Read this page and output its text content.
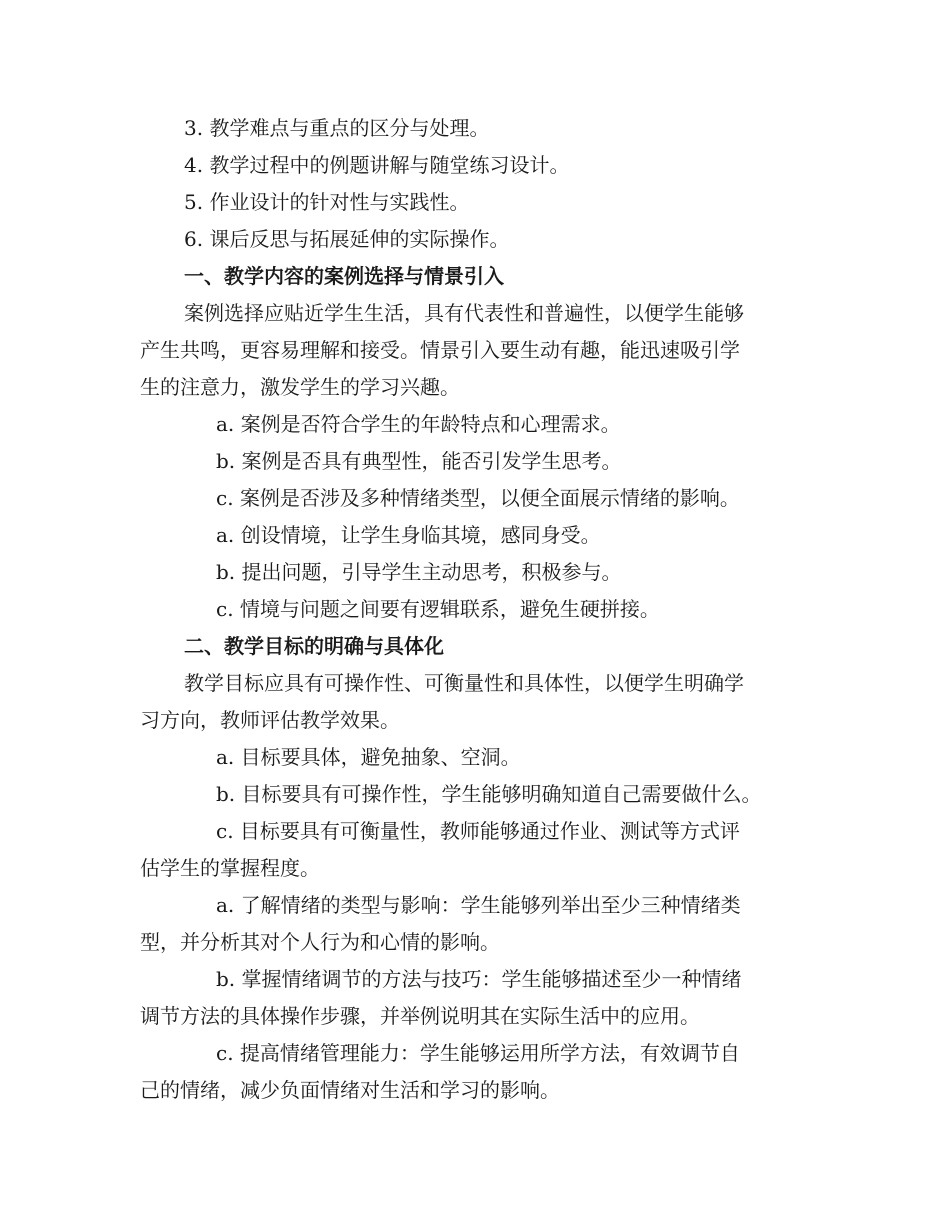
3. 教学难点与重点的区分与处理。
4. 教学过程中的例题讲解与随堂练习设计。
5. 作业设计的针对性与实践性。
6. 课后反思与拓展延伸的实际操作。
一、教学内容的案例选择与情景引入
案例选择应贴近学生生活，具有代表性和普遍性，以便学生能够
产生共鸣，更容易理解和接受。情景引入要生动有趣，能迅速吸引学
生的注意力，激发学生的学习兴趣。
a. 案例是否符合学生的年龄特点和心理需求。
b. 案例是否具有典型性，能否引发学生思考。
c. 案例是否涉及多种情绪类型，以便全面展示情绪的影响。
a. 创设情境，让学生身临其境，感同身受。
b. 提出问题，引导学生主动思考，积极参与。
c. 情境与问题之间要有逻辑联系，避免生硬拼接。
二、教学目标的明确与具体化
教学目标应具有可操作性、可衡量性和具体性，以便学生明确学
习方向，教师评估教学效果。
a. 目标要具体，避免抽象、空洞。
b. 目标要具有可操作性，学生能够明确知道自己需要做什么。
c. 目标要具有可衡量性，教师能够通过作业、测试等方式评
估学生的掌握程度。
a. 了解情绪的类型与影响：学生能够列举出至少三种情绪类
型，并分析其对个人行为和心情的影响。
b. 掌握情绪调节的方法与技巧：学生能够描述至少一种情绪
调节方法的具体操作步骤，并举例说明其在实际生活中的应用。
c. 提高情绪管理能力：学生能够运用所学方法，有效调节自
己的情绪，减少负面情绪对生活和学习的影响。
